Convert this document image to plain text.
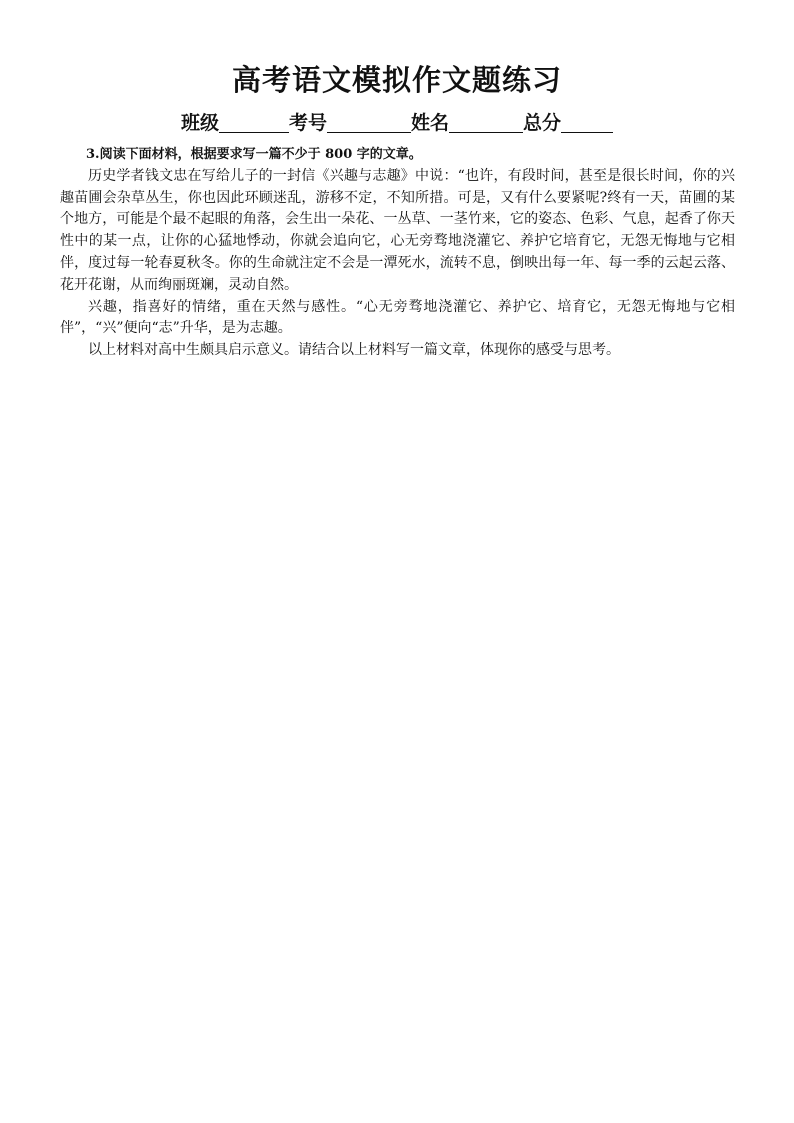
高考语文模拟作文题练习
班级	考号	姓名	总分

3.阅读下面材料，根据要求写一篇不少于 800 字的文章。

历史学者钱文忠在写给儿子的一封信《兴趣与志趣》中说：“也许，有段时间，甚至是很长时间，你的兴趣苗圃会杂草丛生，你也因此环顾迷乱，游移不定，不知所措。可是，又有什么要紧呢?终有一天，苗圃的某个地方，可能是个最不起眼的角落，会生出一朵花、一丛草、一茎竹来，它的姿态、色彩、气息，起香了你天性中的某一点，让你的心猛地悸动，你就会追向它，心无旁骛地浇灌它、养护它培育它，无怨无悔地与它相伴，度过每一轮春夏秋冬。你的生命就注定不会是一潭死水，流转不息，倒映出每一年、每一季的云起云落、花开花谢，从而绚丽斑斓，灵动自然。

兴趣，指喜好的情绪，重在天然与感性。“心无旁骛地浇灌它、养护它、培育它，无怨无悔地与它相伴”，“兴”便向“志”升华，是为志趣。

以上材料对高中生颇具启示意义。请结合以上材料写一篇文章，体现你的感受与思考。
